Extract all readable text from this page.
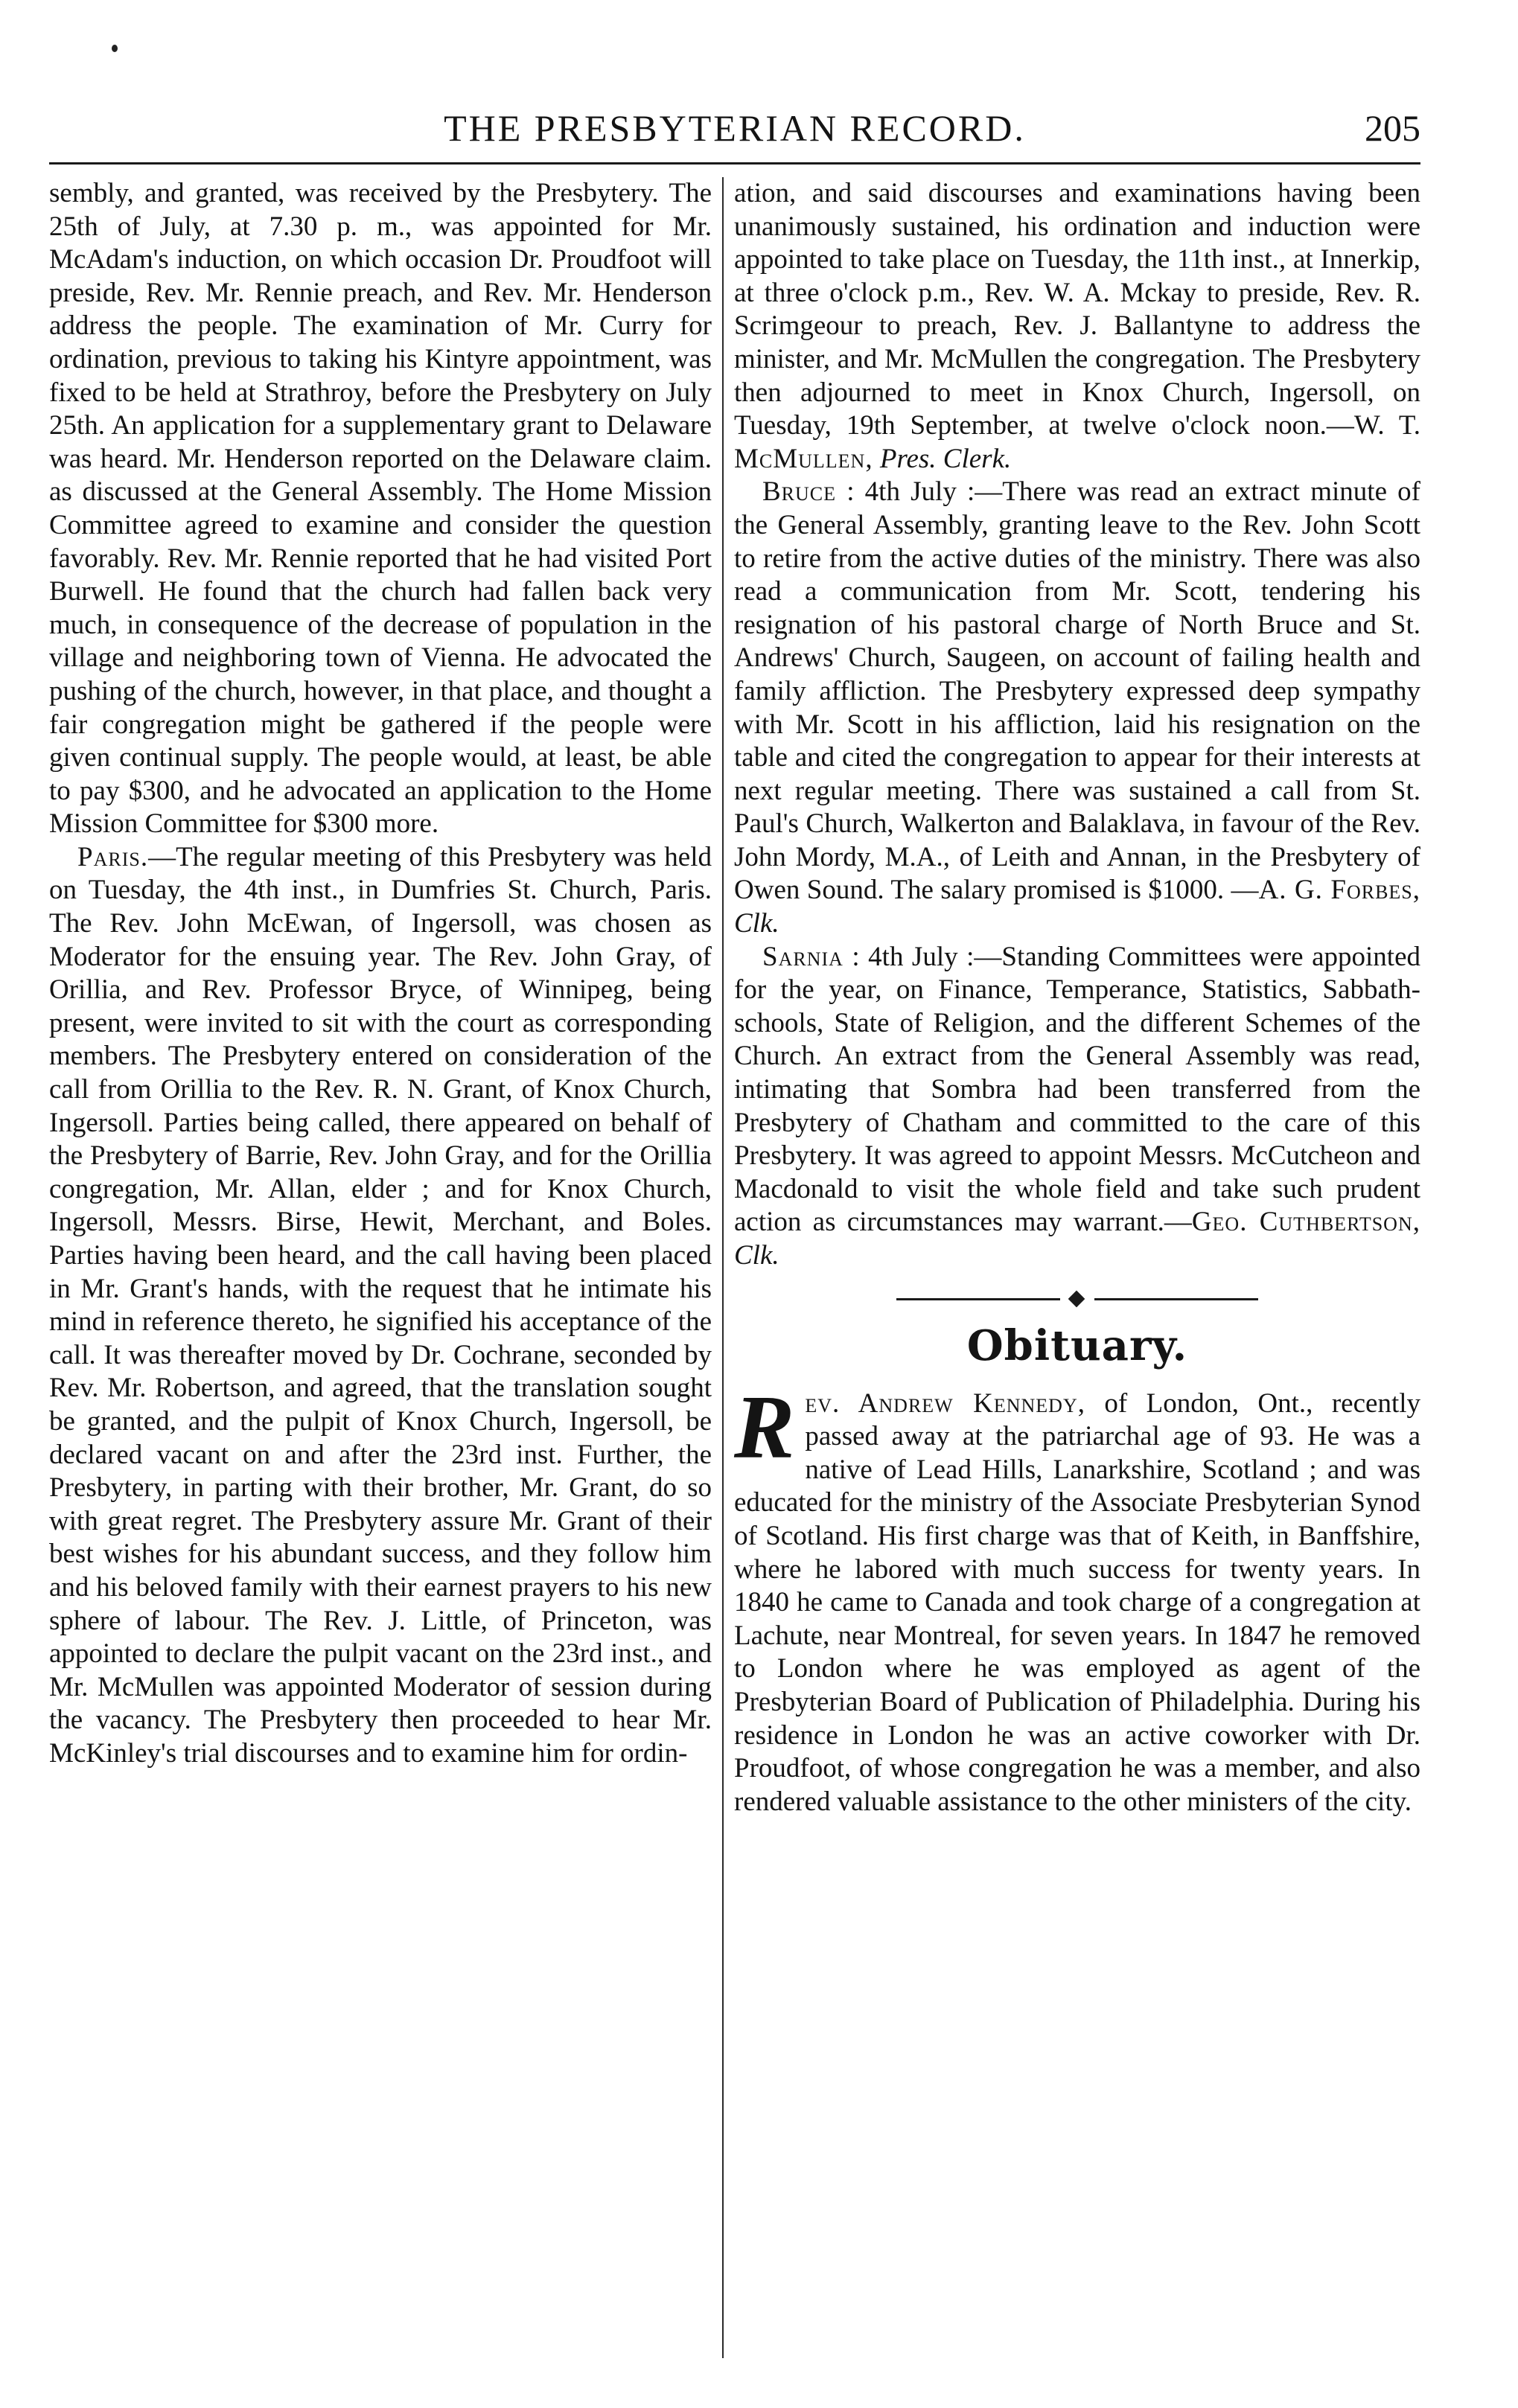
THE PRESBYTERIAN RECORD.	205

sembly, and granted, was received by the Presbytery. The 25th of July, at 7.30 p. m., was appointed for Mr. McAdam's induction, on which occasion Dr. Proudfoot will preside, Rev. Mr. Rennie preach, and Rev. Mr. Henderson address the people. The examination of Mr. Curry for ordination, previous to taking his Kintyre appointment, was fixed to be held at Strathroy, before the Presbytery on July 25th. An application for a supplementary grant to Delaware was heard. Mr. Henderson reported on the Delaware claim. as discussed at the General Assembly. The Home Mission Committee agreed to examine and consider the question favorably. Rev. Mr. Rennie reported that he had visited Port Burwell. He found that the church had fallen back very much, in consequence of the decrease of population in the village and neighboring town of Vienna. He advocated the pushing of the church, however, in that place, and thought a fair congregation might be gathered if the people were given continual supply. The people would, at least, be able to pay $300, and he advocated an application to the Home Mission Committee for $300 more.

Paris.—The regular meeting of this Presbytery was held on Tuesday, the 4th inst., in Dumfries St. Church, Paris. The Rev. John McEwan, of Ingersoll, was chosen as Moderator for the ensuing year. The Rev. John Gray, of Orillia, and Rev. Professor Bryce, of Winnipeg, being present, were invited to sit with the court as corresponding members. The Presbytery entered on consideration of the call from Orillia to the Rev. R. N. Grant, of Knox Church, Ingersoll. Parties being called, there appeared on behalf of the Presbytery of Barrie, Rev. John Gray, and for the Orillia congregation, Mr. Allan, elder ; and for Knox Church, Ingersoll, Messrs. Birse, Hewit, Merchant, and Boles. Parties having been heard, and the call having been placed in Mr. Grant's hands, with the request that he intimate his mind in reference thereto, he signified his acceptance of the call. It was thereafter moved by Dr. Cochrane, seconded by Rev. Mr. Robertson, and agreed, that the translation sought be granted, and the pulpit of Knox Church, Ingersoll, be declared vacant on and after the 23rd inst. Further, the Presbytery, in parting with their brother, Mr. Grant, do so with great regret. The Presbytery assure Mr. Grant of their best wishes for his abundant success, and they follow him and his beloved family with their earnest prayers to his new sphere of labour. The Rev. J. Little, of Princeton, was appointed to declare the pulpit vacant on the 23rd inst., and Mr. McMullen was appointed Moderator of session during the vacancy. The Presbytery then proceeded to hear Mr. McKinley's trial discourses and to examine him for ordin-

ation, and said discourses and examinations having been unanimously sustained, his ordination and induction were appointed to take place on Tuesday, the 11th inst., at Innerkip, at three o'clock p.m., Rev. W. A. Mckay to preside, Rev. R. Scrimgeour to preach, Rev. J. Ballantyne to address the minister, and Mr. McMullen the congregation. The Presbytery then adjourned to meet in Knox Church, Ingersoll, on Tuesday, 19th September, at twelve o'clock noon.—W. T. McMullen, Pres. Clerk.

Bruce : 4th July :—There was read an extract minute of the General Assembly, granting leave to the Rev. John Scott to retire from the active duties of the ministry. There was also read a communication from Mr. Scott, tendering his resignation of his pastoral charge of North Bruce and St. Andrews' Church, Saugeen, on account of failing health and family affliction. The Presbytery expressed deep sympathy with Mr. Scott in his affliction, laid his resignation on the table and cited the congregation to appear for their interests at next regular meeting. There was sustained a call from St. Paul's Church, Walkerton and Balaklava, in favour of the Rev. John Mordy, M.A., of Leith and Annan, in the Presbytery of Owen Sound. The salary promised is $1000. —A. G. Forbes, Clk.

Sarnia : 4th July :—Standing Committees were appointed for the year, on Finance, Temperance, Statistics, Sabbath-schools, State of Religion, and the different Schemes of the Church. An extract from the General Assembly was read, intimating that Sombra had been transferred from the Presbytery of Chatham and committed to the care of this Presbytery. It was agreed to appoint Messrs. McCutcheon and Macdonald to visit the whole field and take such prudent action as circumstances may warrant.—Geo. Cuthbertson, Clk.

Obituary.

Rev. Andrew Kennedy, of London, Ont., recently passed away at the patriarchal age of 93. He was a native of Lead Hills, Lanarkshire, Scotland ; and was educated for the ministry of the Associate Presbyterian Synod of Scotland. His first charge was that of Keith, in Banffshire, where he labored with much success for twenty years. In 1840 he came to Canada and took charge of a congregation at Lachute, near Montreal, for seven years. In 1847 he removed to London where he was employed as agent of the Presbyterian Board of Publication of Philadelphia. During his residence in London he was an active coworker with Dr. Proudfoot, of whose congregation he was a member, and also rendered valuable assistance to the other ministers of the city.
